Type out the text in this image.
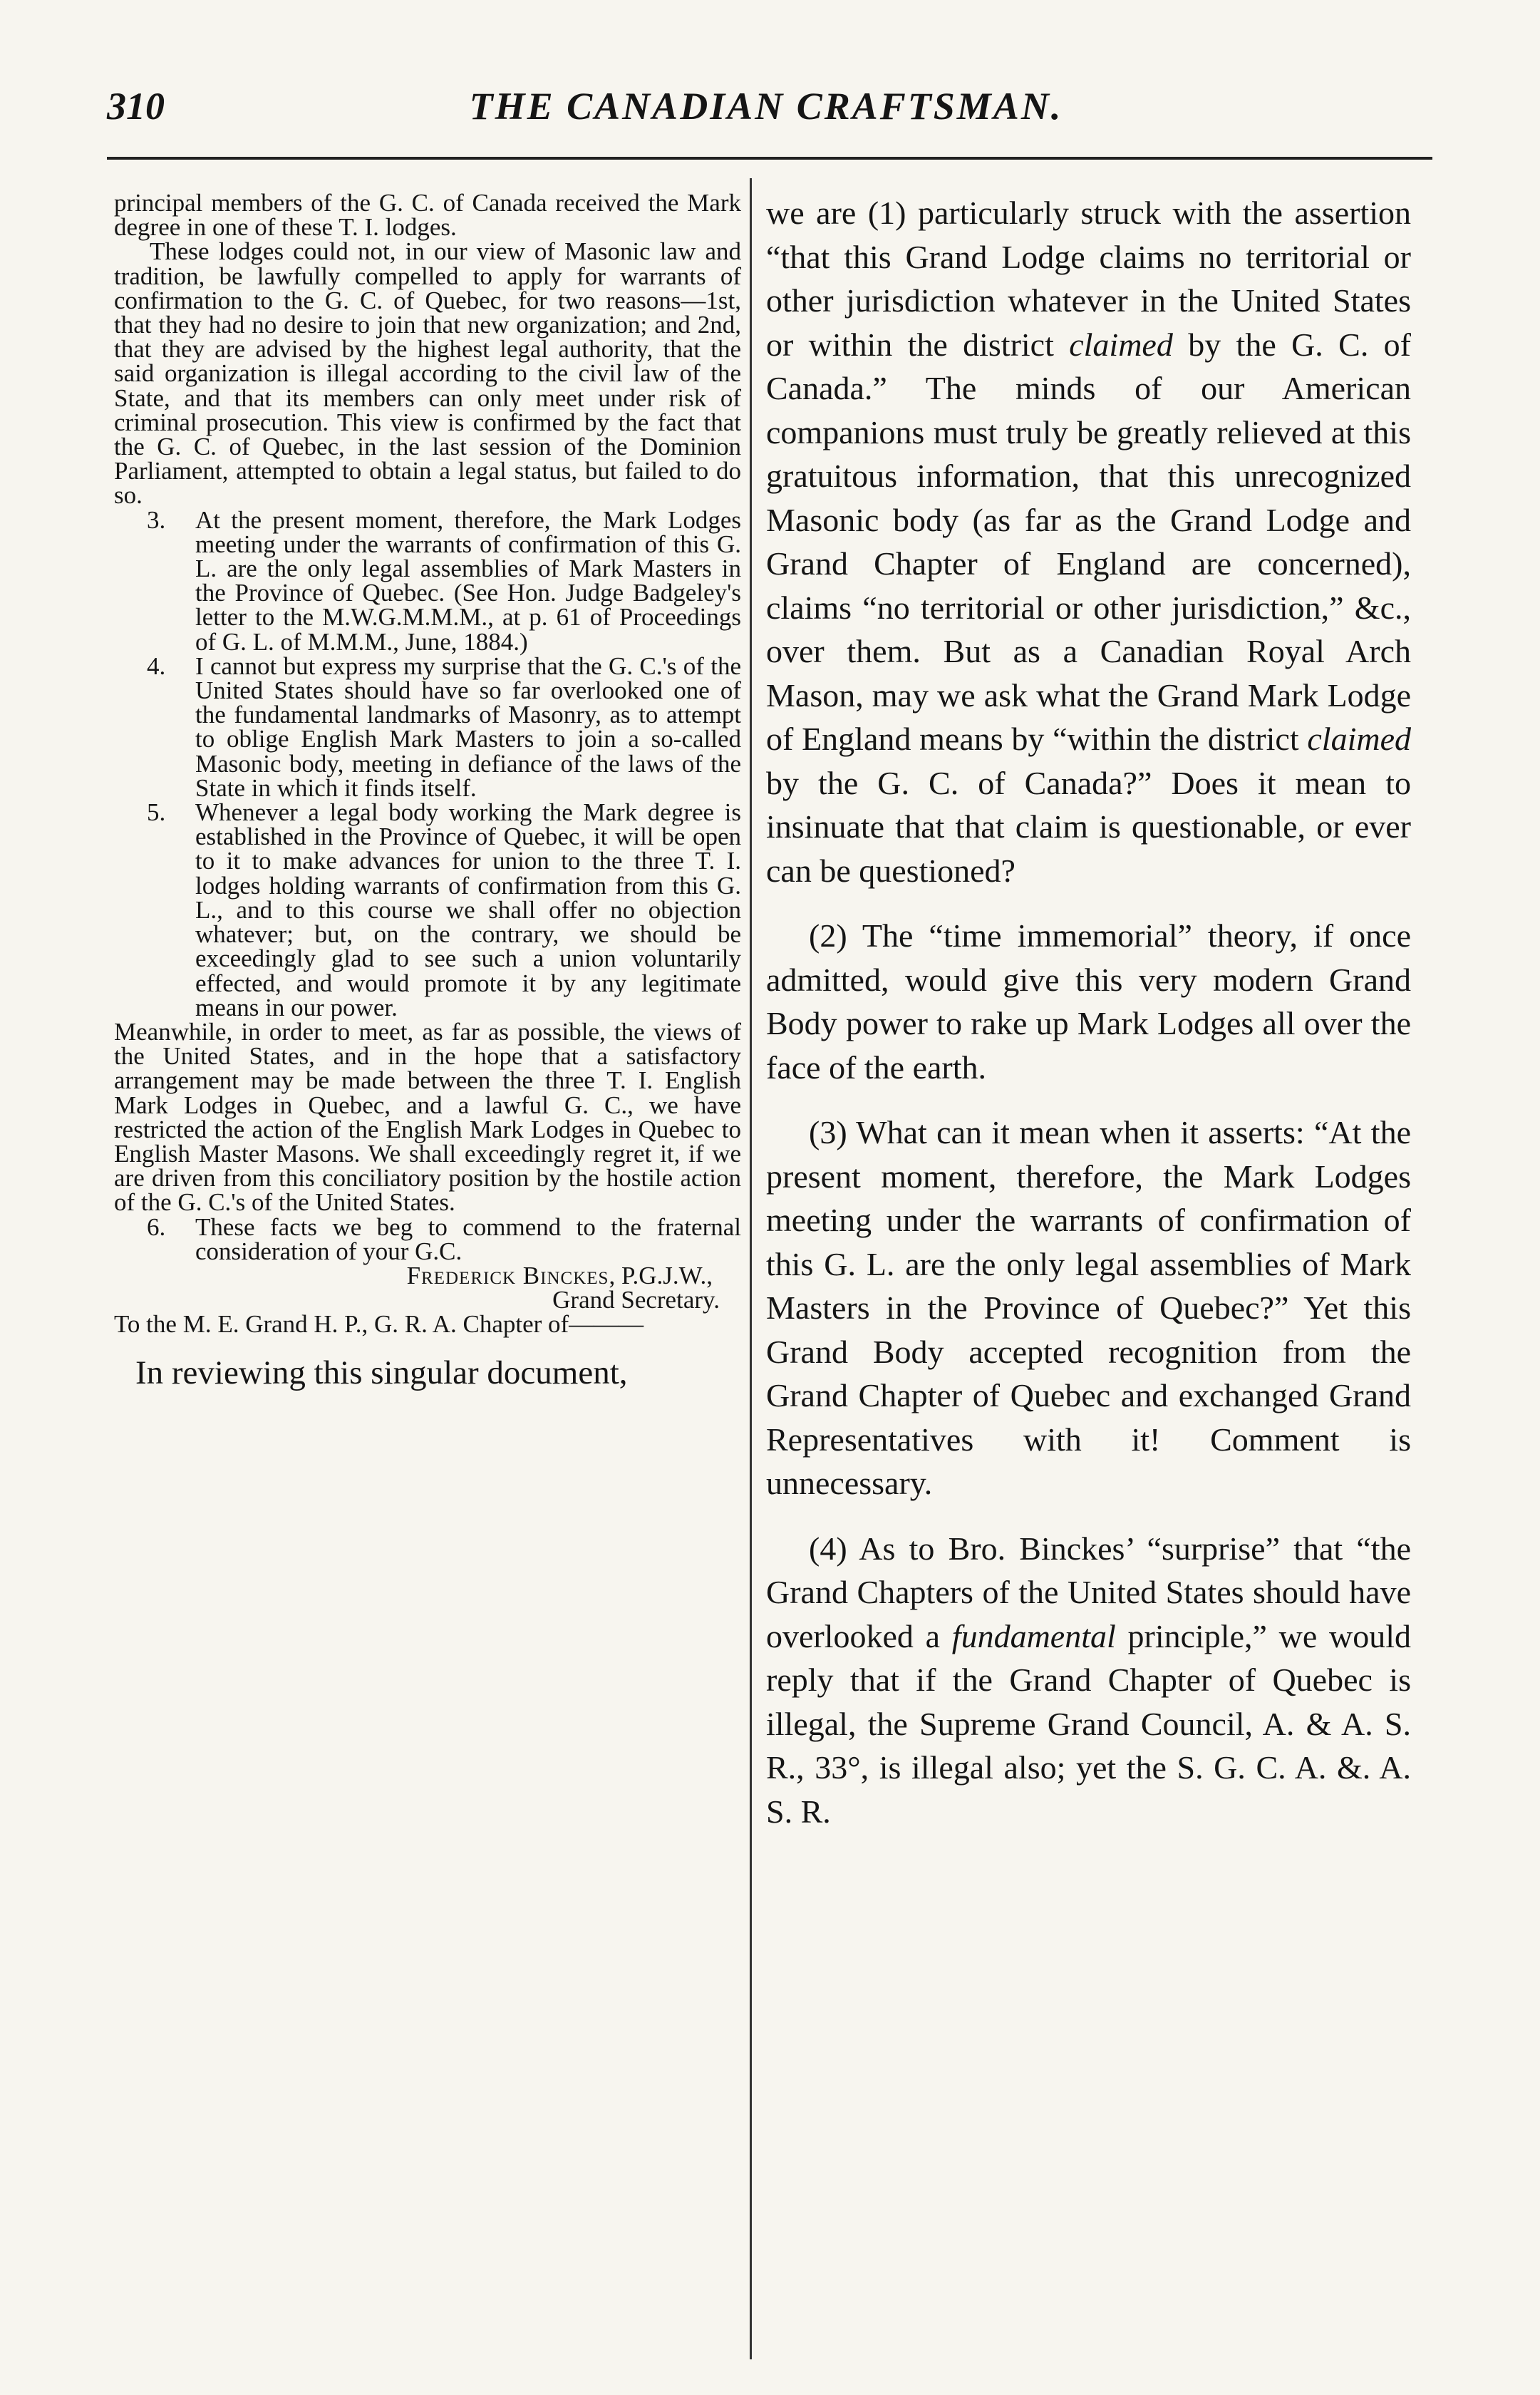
310	THE CANADIAN CRAFTSMAN.

principal members of the G. C. of Canada received the Mark degree in one of these T. I. lodges.

These lodges could not, in our view of Masonic law and tradition, be lawfully compelled to apply for warrants of confirmation to the G. C. of Quebec, for two reasons—1st, that they had no desire to join that new organization; and 2nd, that they are advised by the highest legal authority, that the said organization is illegal according to the civil law of the State, and that its members can only meet under risk of criminal prosecution. This view is confirmed by the fact that the G. C. of Quebec, in the last session of the Dominion Parliament, attempted to obtain a legal status, but failed to do so.

3. At the present moment, therefore, the Mark Lodges meeting under the warrants of confirmation of this G. L. are the only legal assemblies of Mark Masters in the Province of Quebec. (See Hon. Judge Badgeley's letter to the M.W.G.M.M.M., at p. 61 of Proceedings of G. L. of M.M.M., June, 1884.)
4. I cannot but express my surprise that the G. C.'s of the United States should have so far overlooked one of the fundamental landmarks of Masonry, as to attempt to oblige English Mark Masters to join a so-called Masonic body, meeting in defiance of the laws of the State in which it finds itself.
5. Whenever a legal body working the Mark degree is established in the Province of Quebec, it will be open to it to make advances for union to the three T. I. lodges holding warrants of confirmation from this G. L., and to this course we shall offer no objection whatever; but, on the contrary, we should be exceedingly glad to see such a union voluntarily effected, and would promote it by any legitimate means in our power.

Meanwhile, in order to meet, as far as possible, the views of the United States, and in the hope that a satisfactory arrangement may be made between the three T. I. English Mark Lodges in Quebec, and a lawful G. C., we have restricted the action of the English Mark Lodges in Quebec to English Master Masons. We shall exceedingly regret it, if we are driven from this conciliatory position by the hostile action of the G. C.'s of the United States.

6. These facts we beg to commend to the fraternal consideration of your G.C.

Frederick Binckes, P.G.J.W.,

Grand Secretary.

To the M. E. Grand H. P., G. R. A. Chapter of———

In reviewing this singular document,

we are (1) particularly struck with the assertion “that this Grand Lodge claims no territorial or other jurisdiction whatever in the United States or within the district claimed by the G. C. of Canada.” The minds of our American companions must truly be greatly relieved at this gratuitous information, that this unrecognized Masonic body (as far as the Grand Lodge and Grand Chapter of England are concerned), claims “no territorial or other jurisdiction,” &c., over them. But as a Canadian Royal Arch Mason, may we ask what the Grand Mark Lodge of England means by “within the district claimed by the G. C. of Canada?” Does it mean to insinuate that that claim is questionable, or ever can be questioned?

(2) The “time immemorial” theory, if once admitted, would give this very modern Grand Body power to rake up Mark Lodges all over the face of the earth.

(3) What can it mean when it asserts: “At the present moment, therefore, the Mark Lodges meeting under the warrants of confirmation of this G. L. are the only legal assemblies of Mark Masters in the Province of Quebec?” Yet this Grand Body accepted recognition from the Grand Chapter of Quebec and exchanged Grand Representatives with it! Comment is unnecessary.

(4) As to Bro. Binckes’ “surprise” that “the Grand Chapters of the United States should have overlooked a fundamental principle,” we would reply that if the Grand Chapter of Quebec is illegal, the Supreme Grand Council, A. & A. S. R., 33°, is illegal also; yet the S. G. C. A. &. A. S. R.
